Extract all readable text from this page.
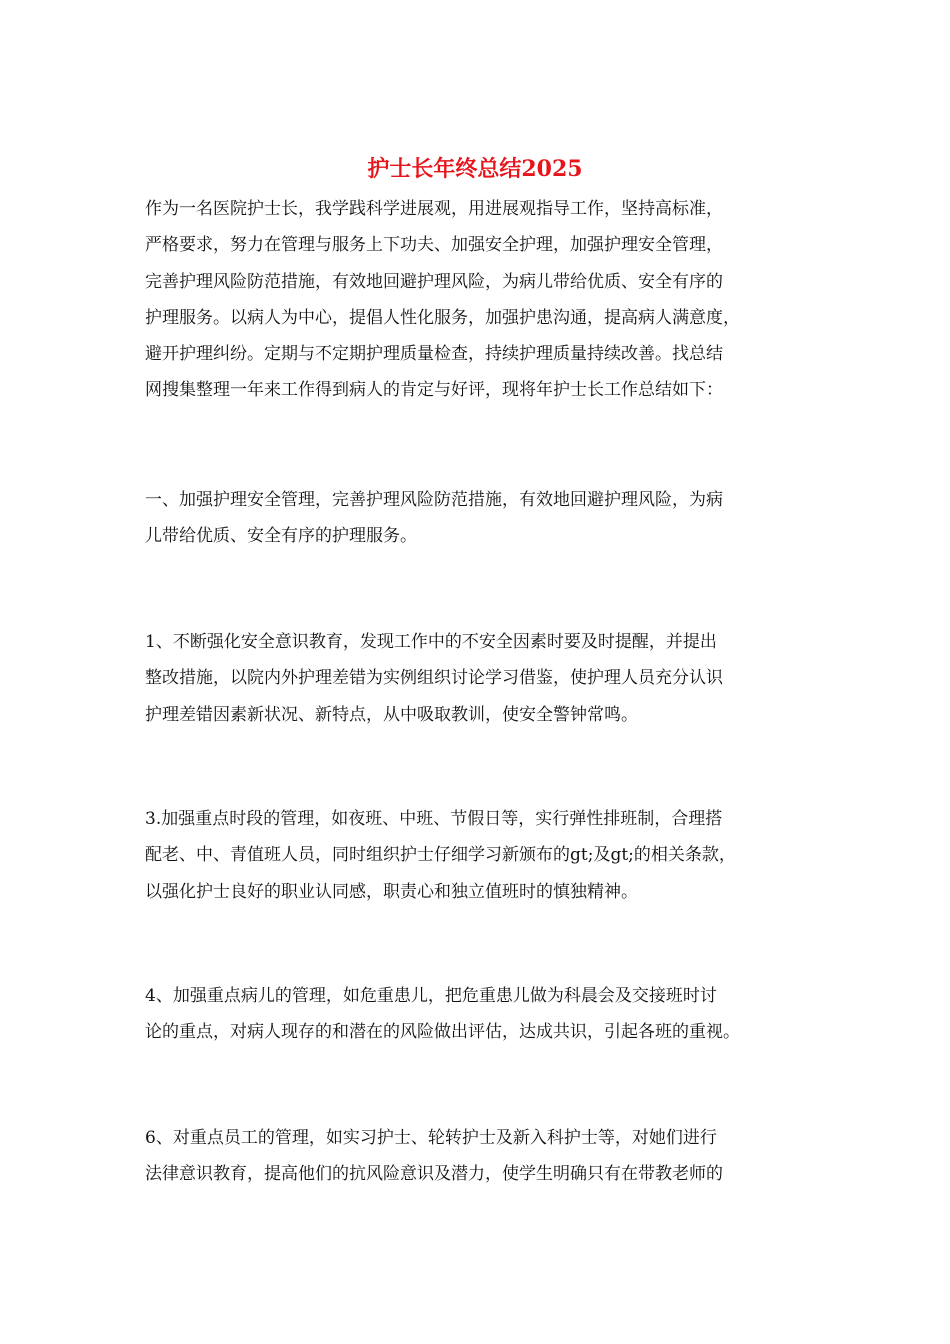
护士长年终总结2025
作为一名医院护士长，我学践科学进展观，用进展观指导工作，坚持高标准，
严格要求，努力在管理与服务上下功夫、加强安全护理，加强护理安全管理，
完善护理风险防范措施，有效地回避护理风险，为病儿带给优质、安全有序的
护理服务。以病人为中心，提倡人性化服务，加强护患沟通，提高病人满意度，
避开护理纠纷。定期与不定期护理质量检查，持续护理质量持续改善。找总结
网搜集整理一年来工作得到病人的肯定与好评，现将年护士长工作总结如下：
一、加强护理安全管理，完善护理风险防范措施，有效地回避护理风险，为病
儿带给优质、安全有序的护理服务。
1、不断强化安全意识教育，发现工作中的不安全因素时要及时提醒，并提出
整改措施，以院内外护理差错为实例组织讨论学习借鉴，使护理人员充分认识
护理差错因素新状况、新特点，从中吸取教训，使安全警钟常鸣。
3.加强重点时段的管理，如夜班、中班、节假日等，实行弹性排班制，合理搭
配老、中、青值班人员，同时组织护士仔细学习新颁布的gt;及gt;的相关条款，
以强化护士良好的职业认同感，职责心和独立值班时的慎独精神。
4、加强重点病儿的管理，如危重患儿，把危重患儿做为科晨会及交接班时讨
论的重点，对病人现存的和潜在的风险做出评估，达成共识，引起各班的重视。
6、对重点员工的管理，如实习护士、轮转护士及新入科护士等，对她们进行
法律意识教育，提高他们的抗风险意识及潜力，使学生明确只有在带教老师的
